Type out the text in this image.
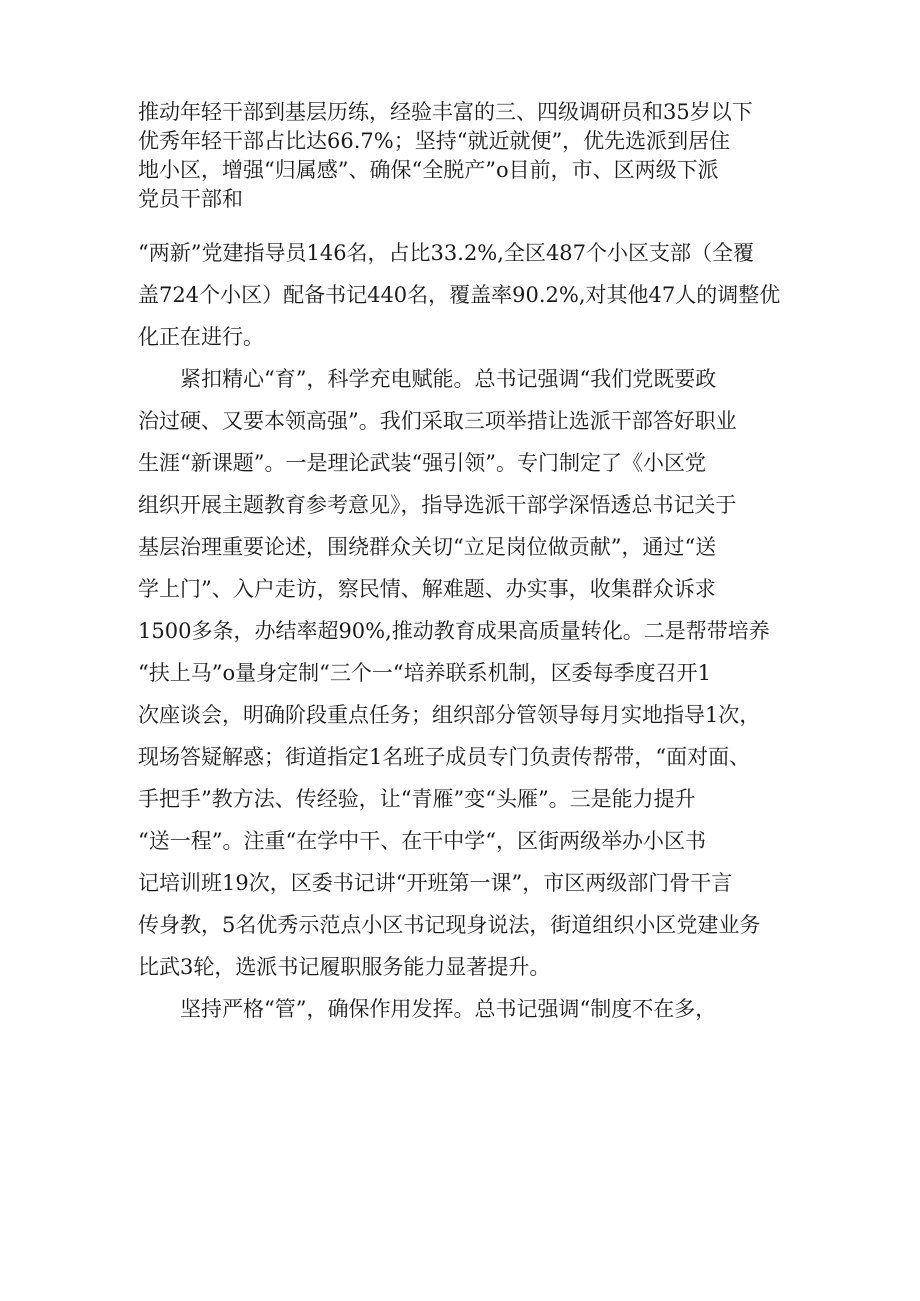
推动年轻干部到基层历练，经验丰富的三、四级调研员和35岁以下
优秀年轻干部占比达66.7%；坚持“就近就便”，优先选派到居住
地小区，增强“归属感”、确保“全脱产”o目前，市、区两级下派
党员干部和
“两新”党建指导员146名，占比33.2%,全区487个小区支部（全覆
盖724个小区）配备书记440名，覆盖率90.2%,对其他47人的调整优
化正在进行。
　　紧扣精心“育”，科学充电赋能。总书记强调“我们党既要政
治过硬、又要本领高强”。我们采取三项举措让选派干部答好职业
生涯“新课题”。一是理论武装“强引领”。专门制定了《小区党
组织开展主题教育参考意见》，指导选派干部学深悟透总书记关于
基层治理重要论述，围绕群众关切“立足岗位做贡献”，通过“送
学上门”、入户走访，察民情、解难题、办实事，收集群众诉求
1500多条，办结率超90%,推动教育成果高质量转化。二是帮带培养
“扶上马”o量身定制“三个一“培养联系机制，区委每季度召开1
次座谈会，明确阶段重点任务；组织部分管领导每月实地指导1次，
现场答疑解惑；街道指定1名班子成员专门负责传帮带，“面对面、
手把手”教方法、传经验，让“青雁”变“头雁”。三是能力提升
“送一程”。注重“在学中干、在干中学“，区街两级举办小区书
记培训班19次，区委书记讲“开班第一课”，市区两级部门骨干言
传身教，5名优秀示范点小区书记现身说法，街道组织小区党建业务
比武3轮，选派书记履职服务能力显著提升。
　　坚持严格“管”，确保作用发挥。总书记强调“制度不在多，
